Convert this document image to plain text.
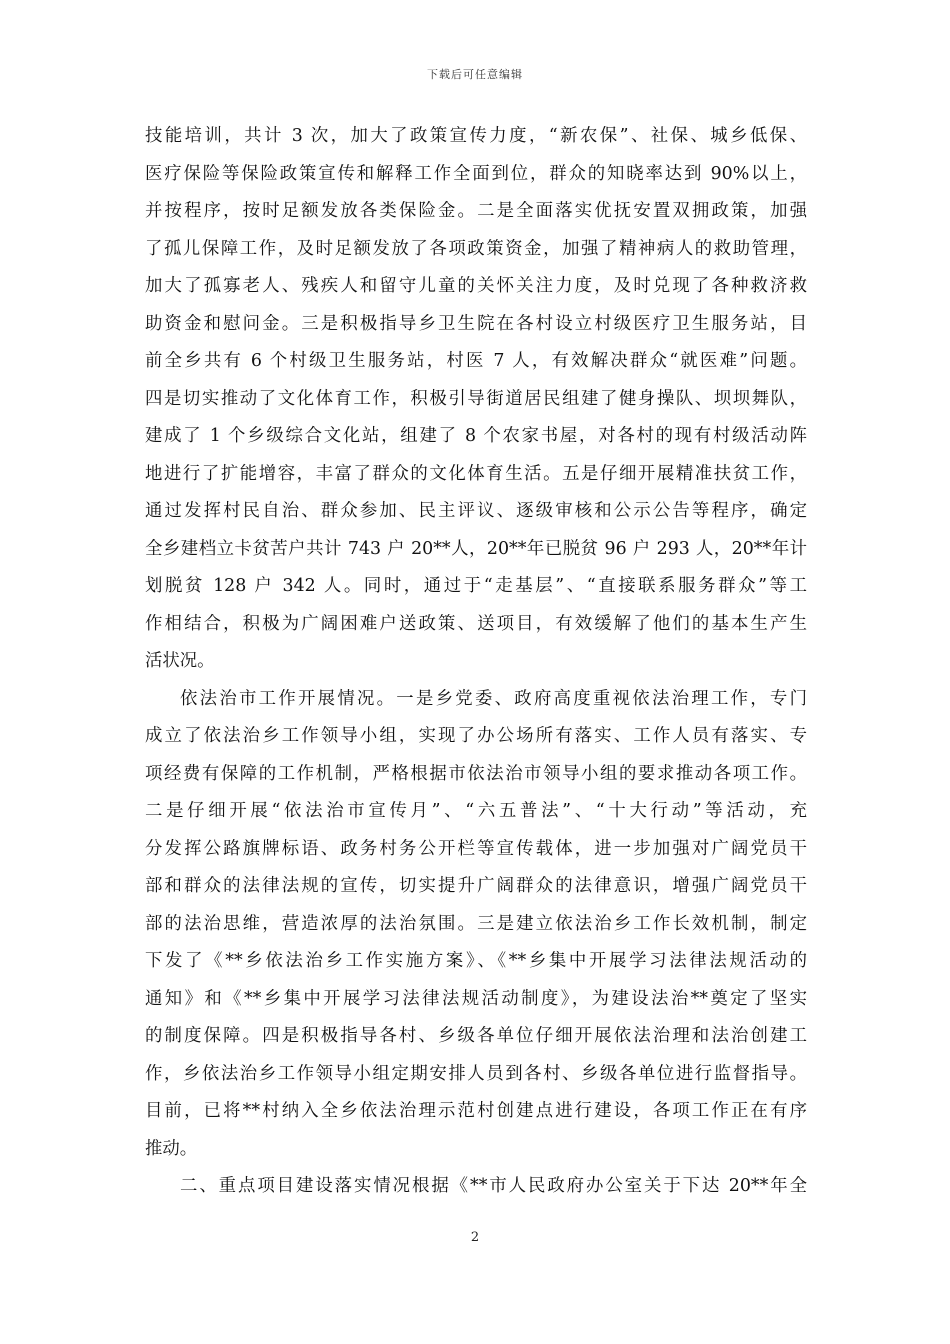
下载后可任意编辑
技能培训，共计 3 次，加大了政策宣传力度，“新农保”、社保、城乡低保、
医疗保险等保险政策宣传和解释工作全面到位，群众的知晓率达到 90%以上，
并按程序，按时足额发放各类保险金。二是全面落实优抚安置双拥政策，加强
了孤儿保障工作，及时足额发放了各项政策资金，加强了精神病人的救助管理，
加大了孤寡老人、残疾人和留守儿童的关怀关注力度，及时兑现了各种救济救
助资金和慰问金。三是积极指导乡卫生院在各村设立村级医疗卫生服务站，目
前全乡共有 6 个村级卫生服务站，村医 7 人，有效解决群众“就医难”问题。
四是切实推动了文化体育工作，积极引导街道居民组建了健身操队、坝坝舞队，
建成了 1 个乡级综合文化站，组建了 8 个农家书屋，对各村的现有村级活动阵
地进行了扩能增容，丰富了群众的文化体育生活。五是仔细开展精准扶贫工作，
通过发挥村民自治、群众参加、民主评议、逐级审核和公示公告等程序，确定
全乡建档立卡贫苦户共计 743 户 20**人，20**年已脱贫 96 户 293 人，20**年计
划脱贫 128 户 342 人。同时，通过于“走基层”、“直接联系服务群众”等工
作相结合，积极为广阔困难户送政策、送项目，有效缓解了他们的基本生产生
活状况。
依法治市工作开展情况。一是乡党委、政府高度重视依法治理工作，专门
成立了依法治乡工作领导小组，实现了办公场所有落实、工作人员有落实、专
项经费有保障的工作机制，严格根据市依法治市领导小组的要求推动各项工作。
二是仔细开展“依法治市宣传月”、“六五普法”、“十大行动”等活动，充
分发挥公路旗牌标语、政务村务公开栏等宣传载体，进一步加强对广阔党员干
部和群众的法律法规的宣传，切实提升广阔群众的法律意识，增强广阔党员干
部的法治思维，营造浓厚的法治氛围。三是建立依法治乡工作长效机制，制定
下发了《**乡依法治乡工作实施方案》、《**乡集中开展学习法律法规活动的
通知》和《**乡集中开展学习法律法规活动制度》，为建设法治**奠定了坚实
的制度保障。四是积极指导各村、乡级各单位仔细开展依法治理和法治创建工
作，乡依法治乡工作领导小组定期安排人员到各村、乡级各单位进行监督指导。
目前，已将**村纳入全乡依法治理示范村创建点进行建设，各项工作正在有序
推动。
二、重点项目建设落实情况根据《**市人民政府办公室关于下达 20**年全
2
